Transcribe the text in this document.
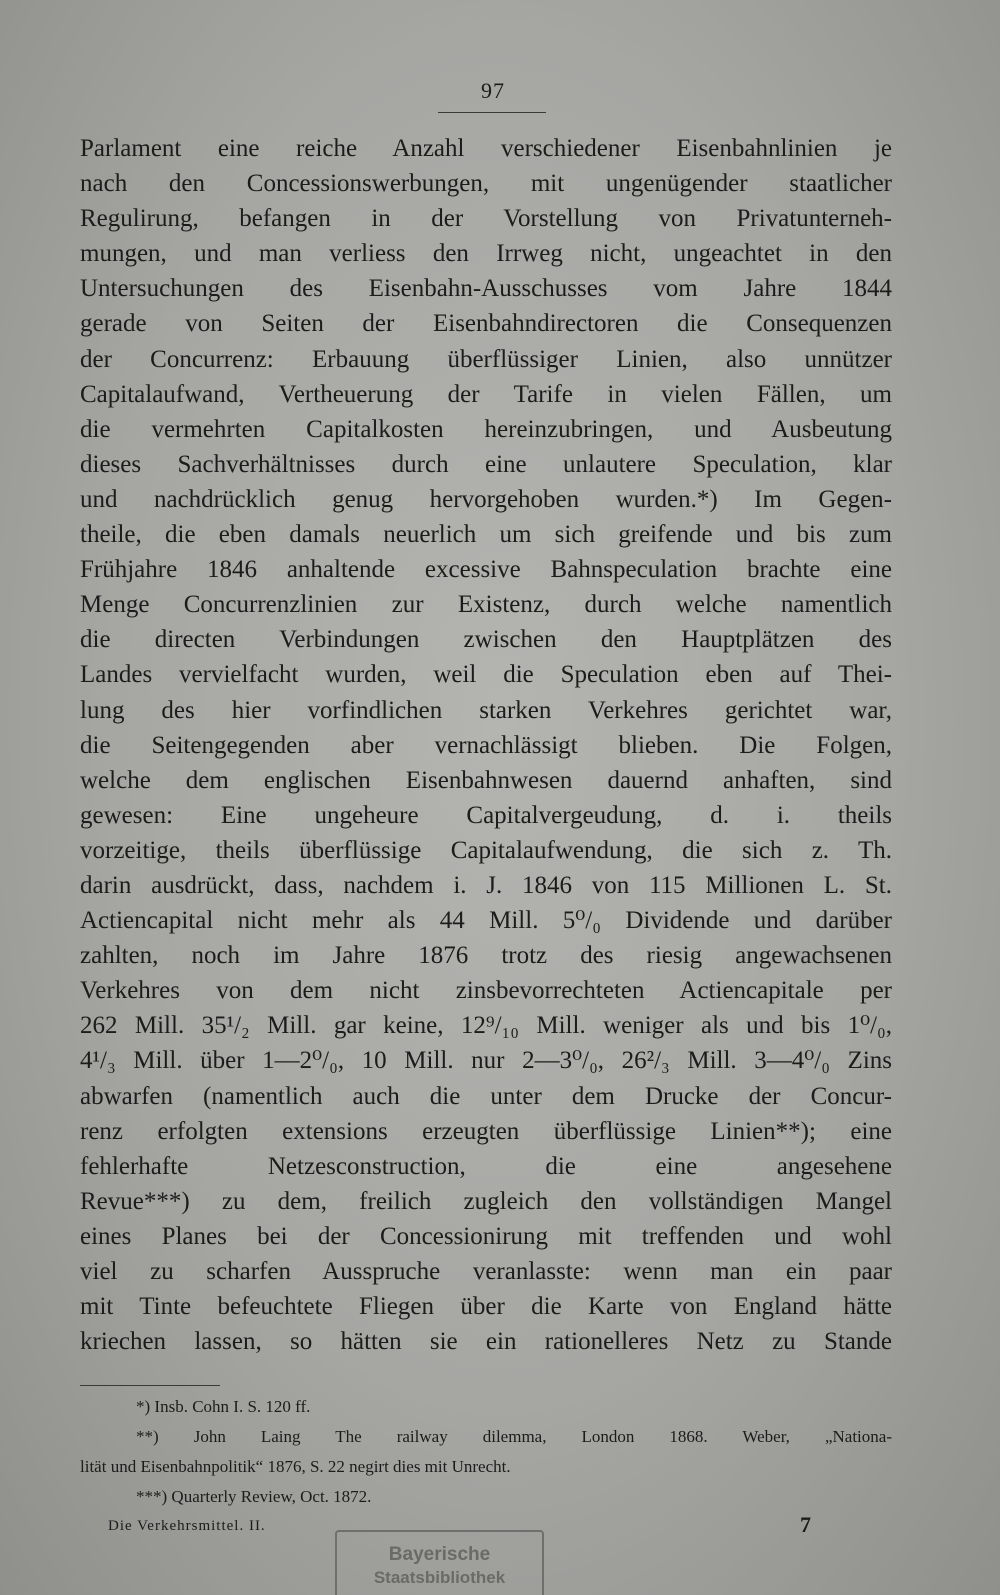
97
Parlament eine reiche Anzahl verschiedener Eisenbahnlinien je
nach den Concessionswerbungen, mit ungenügender staatlicher
Regulirung, befangen in der Vorstellung von Privatunterneh-
mungen, und man verliess den Irrweg nicht, ungeachtet in den
Untersuchungen des Eisenbahn-Ausschusses vom Jahre 1844
gerade von Seiten der Eisenbahndirectoren die Consequenzen
der Concurrenz: Erbauung überflüssiger Linien, also unnützer
Capitalaufwand, Vertheuerung der Tarife in vielen Fällen, um
die vermehrten Capitalkosten hereinzubringen, und Ausbeutung
dieses Sachverhältnisses durch eine unlautere Speculation, klar
und nachdrücklich genug hervorgehoben wurden.*) Im Gegen-
theile, die eben damals neuerlich um sich greifende und bis zum
Frühjahre 1846 anhaltende excessive Bahnspeculation brachte eine
Menge Concurrenzlinien zur Existenz, durch welche namentlich
die directen Verbindungen zwischen den Hauptplätzen des
Landes vervielfacht wurden, weil die Speculation eben auf Thei-
lung des hier vorfindlichen starken Verkehres gerichtet war,
die Seitengegenden aber vernachlässigt blieben. Die Folgen,
welche dem englischen Eisenbahnwesen dauernd anhaften, sind
gewesen: Eine ungeheure Capitalvergeudung, d. i. theils
vorzeitige, theils überflüssige Capitalaufwendung, die sich z. Th.
darin ausdrückt, dass, nachdem i. J. 1846 von 115 Millionen L. St.
Actiencapital nicht mehr als 44 Mill. 5⁰/₀ Dividende und darüber
zahlten, noch im Jahre 1876 trotz des riesig angewachsenen
Verkehres von dem nicht zinsbevorrechteten Actiencapitale per
262 Mill. 35¹/₂ Mill. gar keine, 12⁹/₁₀ Mill. weniger als und bis 1⁰/₀,
4¹/₃ Mill. über 1—2⁰/₀, 10 Mill. nur 2—3⁰/₀, 26²/₃ Mill. 3—4⁰/₀ Zins
abwarfen (namentlich auch die unter dem Drucke der Concur-
renz erfolgten extensions erzeugten überflüssige Linien**); eine
fehlerhafte Netzesconstruction, die eine angesehene
Revue***) zu dem, freilich zugleich den vollständigen Mangel
eines Planes bei der Concessionirung mit treffenden und wohl
viel zu scharfen Ausspruche veranlasste: wenn man ein paar
mit Tinte befeuchtete Fliegen über die Karte von England hätte
kriechen lassen, so hätten sie ein rationelleres Netz zu Stande
*) Insb. Cohn I. S. 120 ff.
**) John Laing The railway dilemma, London 1868. Weber, „Nationa-
lität und Eisenbahnpolitik“ 1876, S. 22 negirt dies mit Unrecht.
***) Quarterly Review, Oct. 1872.
Die Verkehrsmittel. II.	7
Bayerische
Staatsbibliothek
